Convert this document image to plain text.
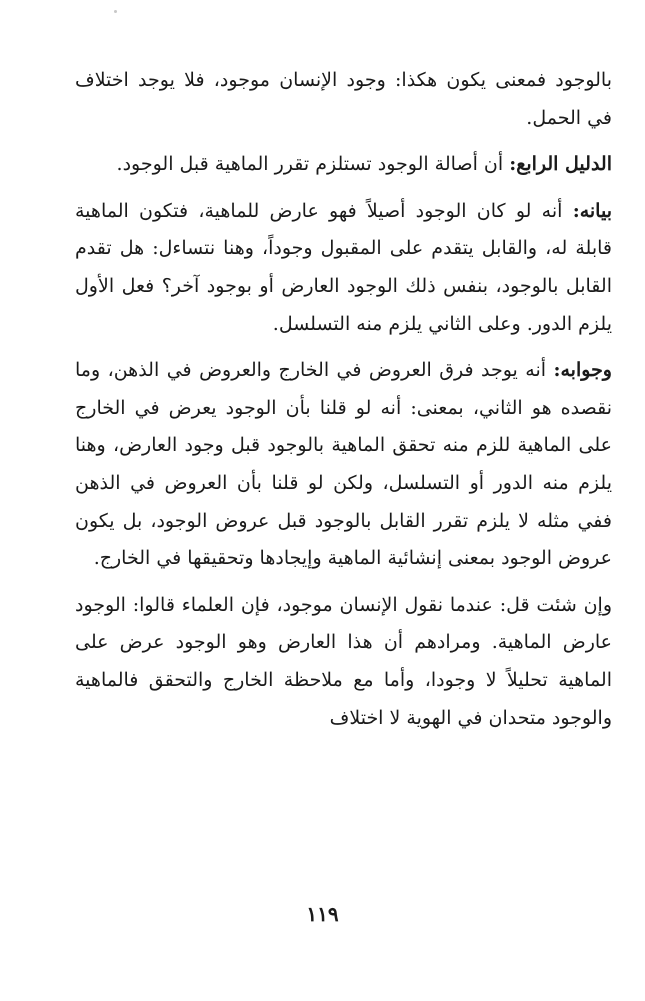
بالوجود فمعنى يكون هكذا: وجود الإنسان موجود، فلا يوجد اختلاف في الحمل.

الدليل الرابع: أن أصالة الوجود تستلزم تقرر الماهية قبل الوجود.

بيانه: أنه لو كان الوجود أصيلاً فهو عارض للماهية، فتكون الماهية قابلة له، والقابل يتقدم على المقبول وجوداً، وهنا نتساءل: هل تقدم القابل بالوجود، بنفس ذلك الوجود العارض أو بوجود آخر؟ فعل الأول يلزم الدور. وعلى الثاني يلزم منه التسلسل.

وجوابه: أنه يوجد فرق العروض في الخارج والعروض في الذهن، وما نقصده هو الثاني، بمعنى: أنه لو قلنا بأن الوجود يعرض في الخارج على الماهية للزم منه تحقق الماهية بالوجود قبل وجود العارض، وهنا يلزم منه الدور أو التسلسل، ولكن لو قلنا بأن العروض في الذهن ففي مثله لا يلزم تقرر القابل بالوجود قبل عروض الوجود، بل يكون عروض الوجود بمعنى إنشائية الماهية وإيجادها وتحقيقها في الخارج.

وإن شئت قل: عندما نقول الإنسان موجود، فإن العلماء قالوا: الوجود عارض الماهية. ومرادهم أن هذا العارض وهو الوجود عرض على الماهية تحليلاً لا وجودا، وأما مع ملاحظة الخارج والتحقق فالماهية والوجود متحدان في الهوية لا اختلاف

١١٩
